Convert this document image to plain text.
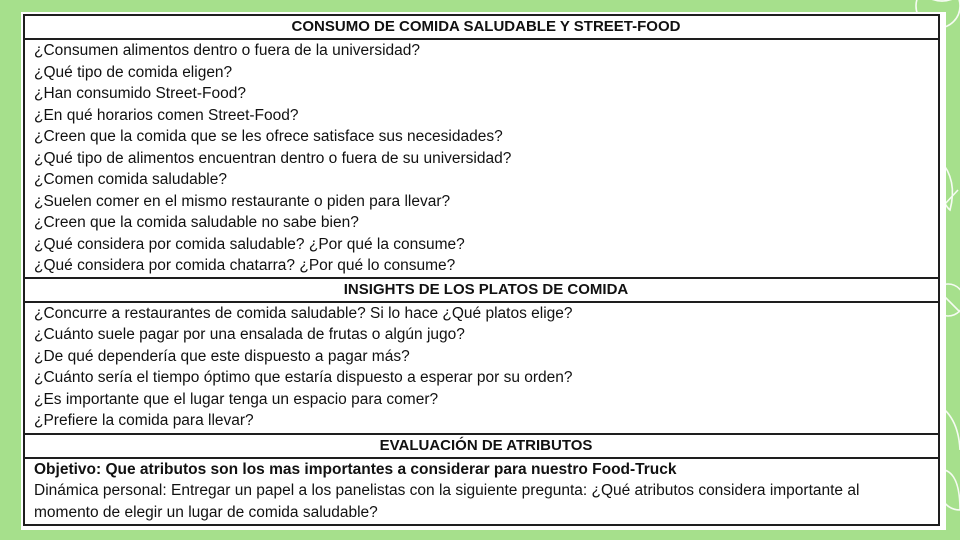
CONSUMO DE COMIDA SALUDABLE Y STREET-FOOD

¿Consumen alimentos dentro o fuera de la universidad?
¿Qué tipo de comida eligen?
¿Han consumido Street-Food?
¿En qué horarios comen Street-Food?
¿Creen que la comida que se les ofrece satisface sus necesidades?
¿Qué tipo de alimentos encuentran dentro o fuera de su universidad?
¿Comen comida saludable?
¿Suelen comer en el mismo restaurante o piden para llevar?
¿Creen que la comida saludable no sabe bien?
¿Qué considera por comida saludable? ¿Por qué la consume?
¿Qué considera por comida chatarra? ¿Por qué lo consume?

INSIGHTS DE LOS PLATOS DE COMIDA

¿Concurre a restaurantes de comida saludable? Si lo hace ¿Qué platos elige?
¿Cuánto suele pagar por una ensalada de frutas o algún jugo?
¿De qué dependería que este dispuesto a pagar más?
¿Cuánto sería el tiempo óptimo que estaría dispuesto a esperar por su orden?
¿Es importante que el lugar tenga un espacio para comer?
¿Prefiere la comida para llevar?

EVALUACIÓN DE ATRIBUTOS

Objetivo: Que atributos son los mas importantes a considerar para nuestro Food-Truck
Dinámica personal: Entregar un papel a los panelistas con la siguiente pregunta: ¿Qué atributos considera importante al momento de elegir un lugar de comida saludable?
